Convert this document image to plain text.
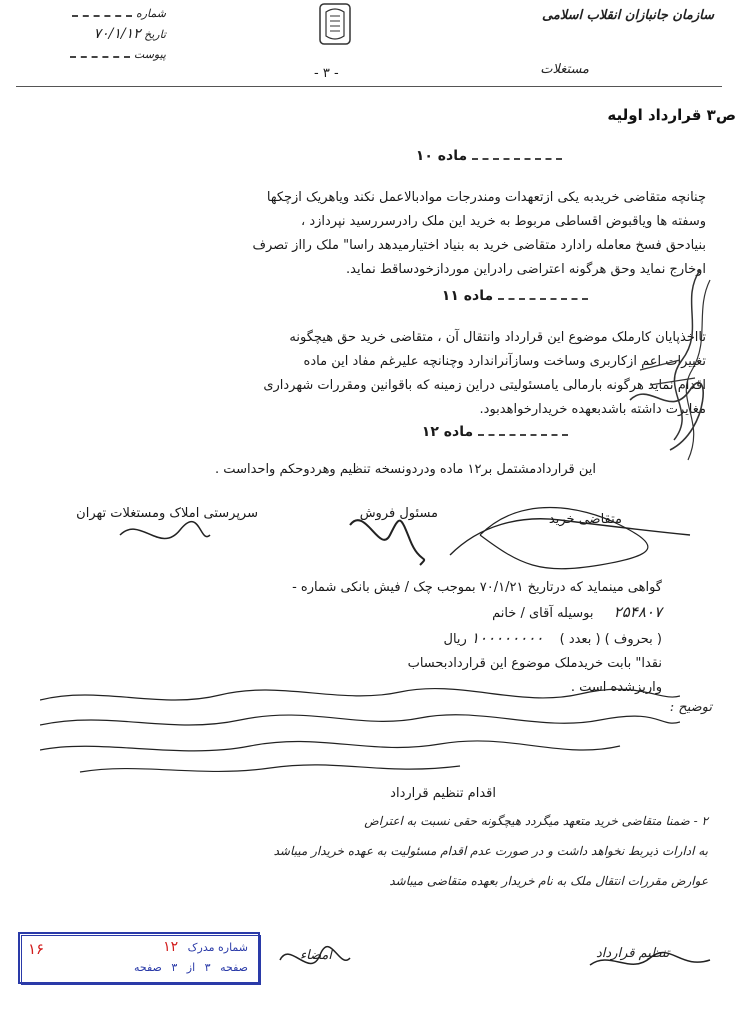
شماره
تاریخ ۷۰/۱/۱۲
پیوست
سازمان جانبازان انقلاب اسلامی
مستغلات
- ۳ -
ص۳ قرارداد اولیه
ماده ۱۰
چنانچه متقاضی خریدبه یکی ازتعهدات ومندرجات موادبالاعمل نکند ویاهریک ازچکها
وسفته ها ویاقبوض اقساطی مربوط به خرید این ملک رادرسررسید نپردازد ،
بنیادحق فسخ معامله رادارد متقاضی خرید به بنیاد اختیارمیدهد راسا" ملک رااز تصرف
اوخارج نماید وحق هرگونه اعتراضی رادراین موردازخودساقط نماید.
ماده ۱۱
تااخذپایان کارملک موضوع این قرارداد وانتقال آن ، متقاضی خرید حق هیچگونه
تغییرات اعم ازکاربری وساخت وسازآنراندارد وچنانچه علیرغم مفاد این ماده
اقدام نماید هرگونه بارمالی یامسئولیتی دراین زمینه که باقوانین ومقررات شهرداری
مغایرت داشته باشدبعهده خریدارخواهدبود.
ماده ۱۲
این قراردادمشتمل بر۱۲ ماده ودردونسخه تنظیم وهردوحکم واحداست .
سرپرستی املاک ومستغلات تهران	مسئول فروش	متقاضی خرید
گواهی مینماید که درتاریخ ۷۰/۱/۲۱ بموجب چک / فیش بانکی شماره -
۲۵۴۸۰۷ بوسیله آقای / خانم
( بحروف ) ( بعدد ) ۱۰۰۰۰۰۰۰۰ ریال
نقدا" بابت خریدملک موضوع این قراردادبحساب
واریزشده است .
توضیح :
اقدام تنظیم قرارداد
۲ - ضمنا متقاضی خرید متعهد میگردد هیچگونه حقی نسبت به اعتراض
به ادارات ذیربط نخواهد داشت و در صورت عدم اقدام مسئولیت به عهده خریدار میباشد
عوارض مقررات انتقال ملک به نام خریدار بعهده متقاضی میباشد
شماره مدرک ۱۲
صفحه ۳ از ۳ صفحه
۱۶	امضاء	تنظیم قرارداد
